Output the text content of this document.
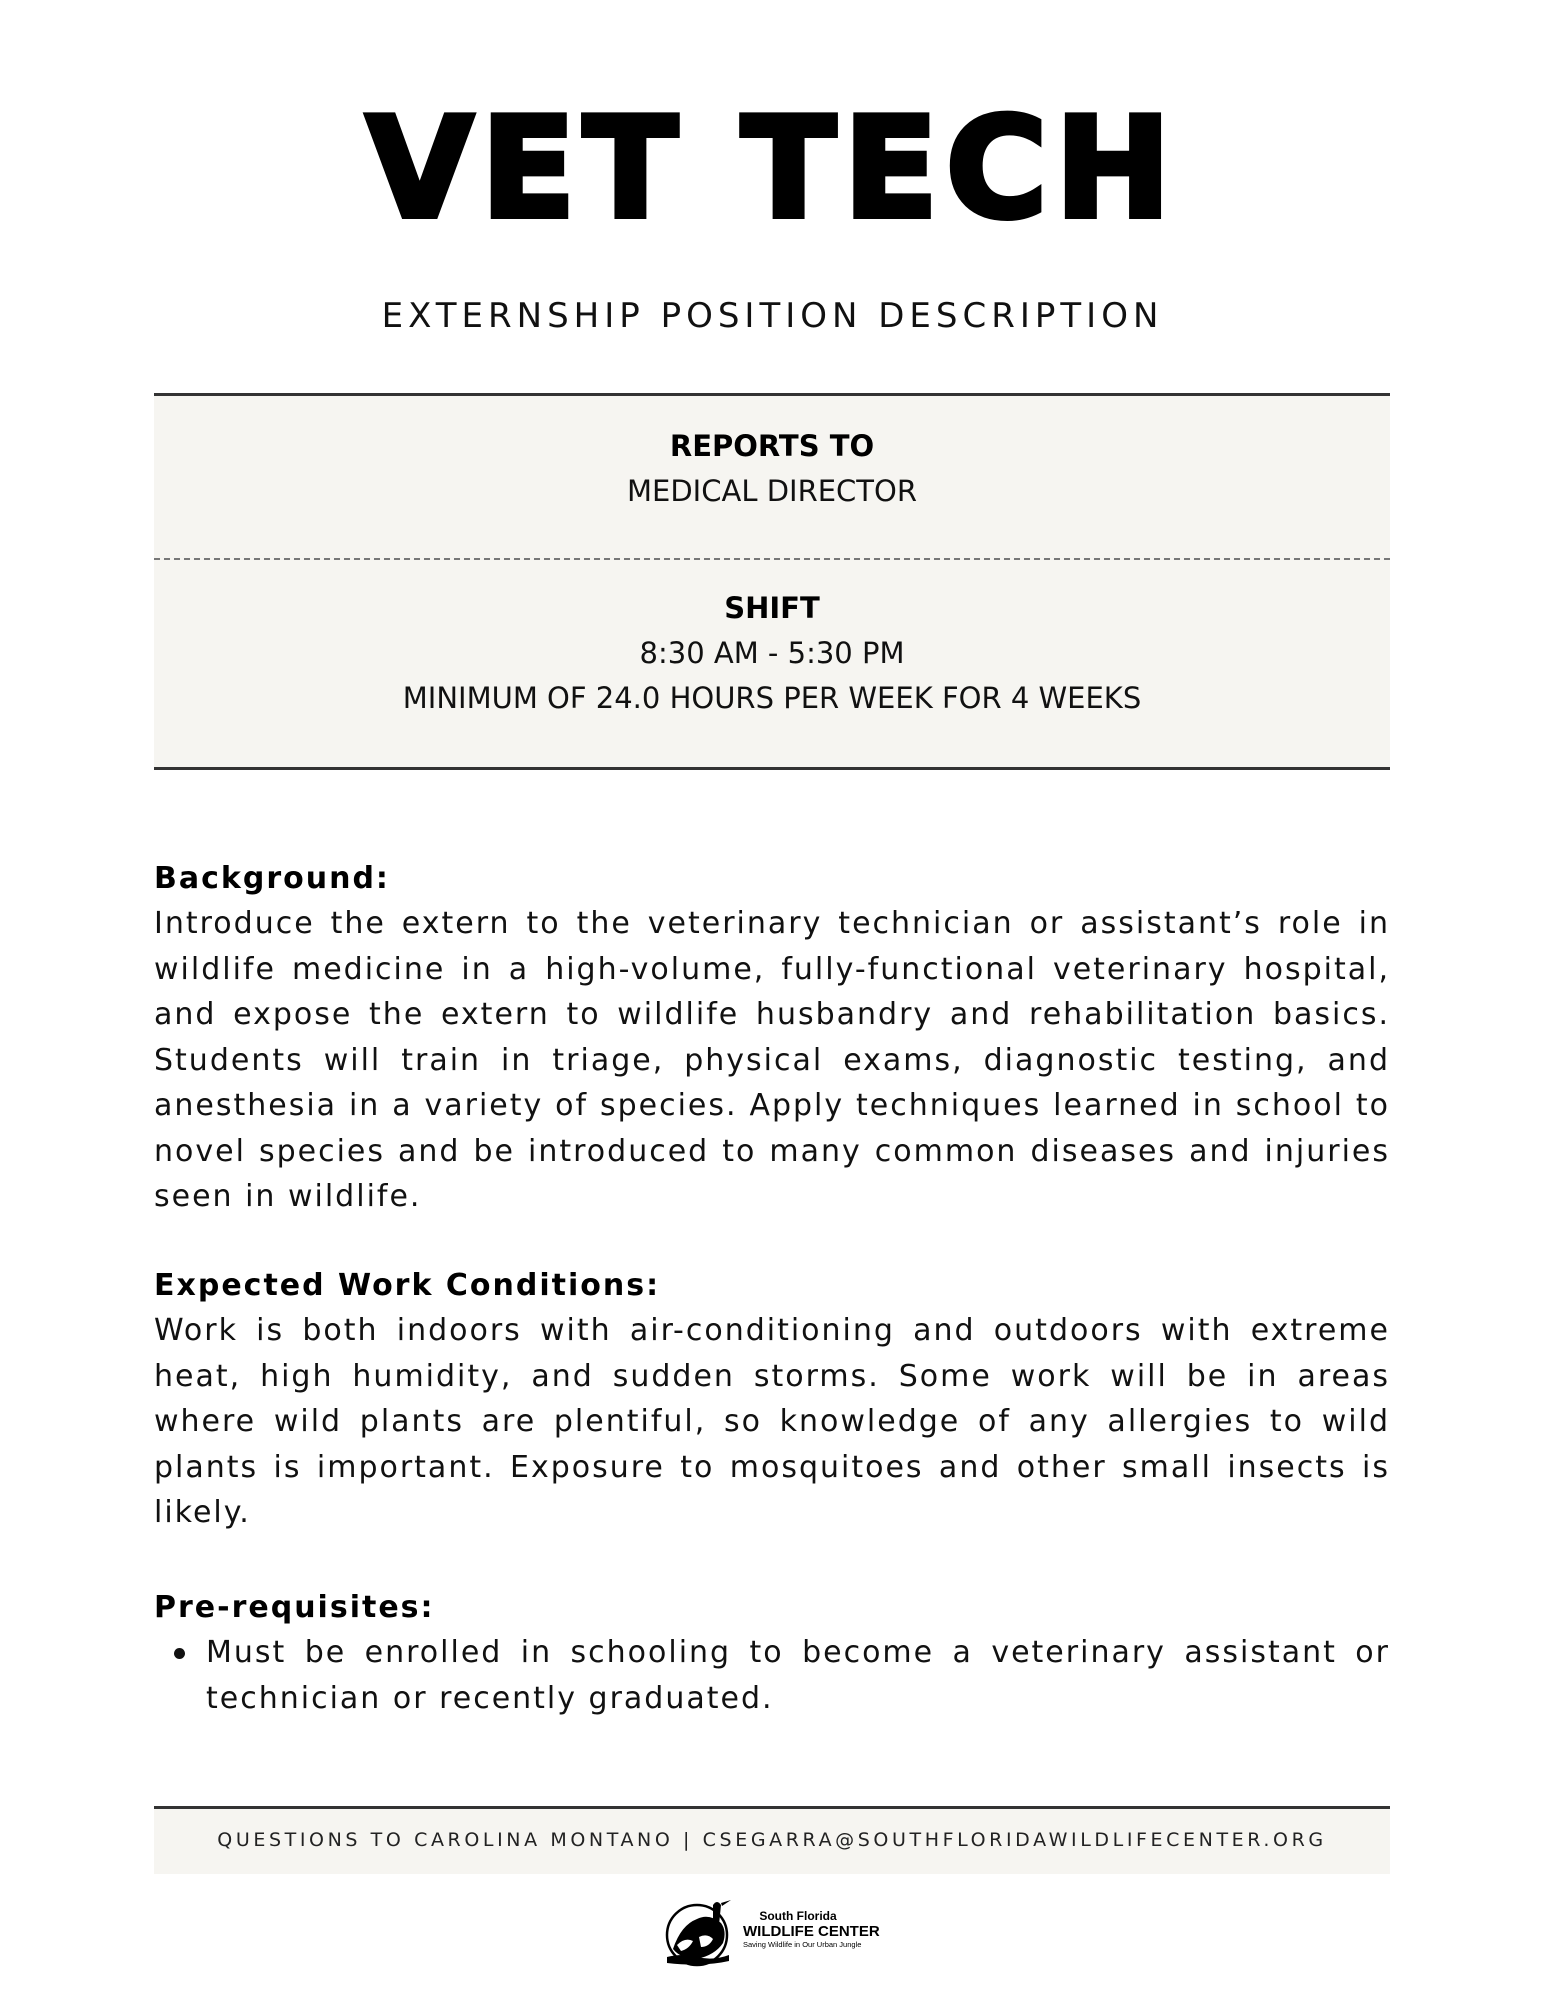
VET TECH
EXTERNSHIP POSITION DESCRIPTION
REPORTS TO
MEDICAL DIRECTOR
SHIFT
8:30 AM - 5:30 PM
MINIMUM OF 24.0 HOURS PER WEEK FOR 4 WEEKS
Background:

Introduce the extern to the veterinary technician or assistant’s role in wildlife medicine in a high-volume, fully-functional veterinary hospital, and expose the extern to wildlife husbandry and rehabilitation basics. Students will train in triage, physical exams, diagnostic testing, and anesthesia in a variety of species. Apply techniques learned in school to novel species and be introduced to many common diseases and injuries seen in wildlife.

Expected Work Conditions:

Work is both indoors with air-conditioning and outdoors with extreme heat, high humidity, and sudden storms. Some work will be in areas where wild plants are plentiful, so knowledge of any allergies to wild plants is important. Exposure to mosquitoes and other small insects is likely.

Pre-requisites:

Must be enrolled in schooling to become a veterinary assistant or technician or recently graduated.

QUESTIONS TO CAROLINA MONTANO | CSEGARRA@SOUTHFLORIDAWILDLIFECENTER.ORG
South Florida
WILDLIFE CENTER
Saving Wildlife in Our Urban Jungle
